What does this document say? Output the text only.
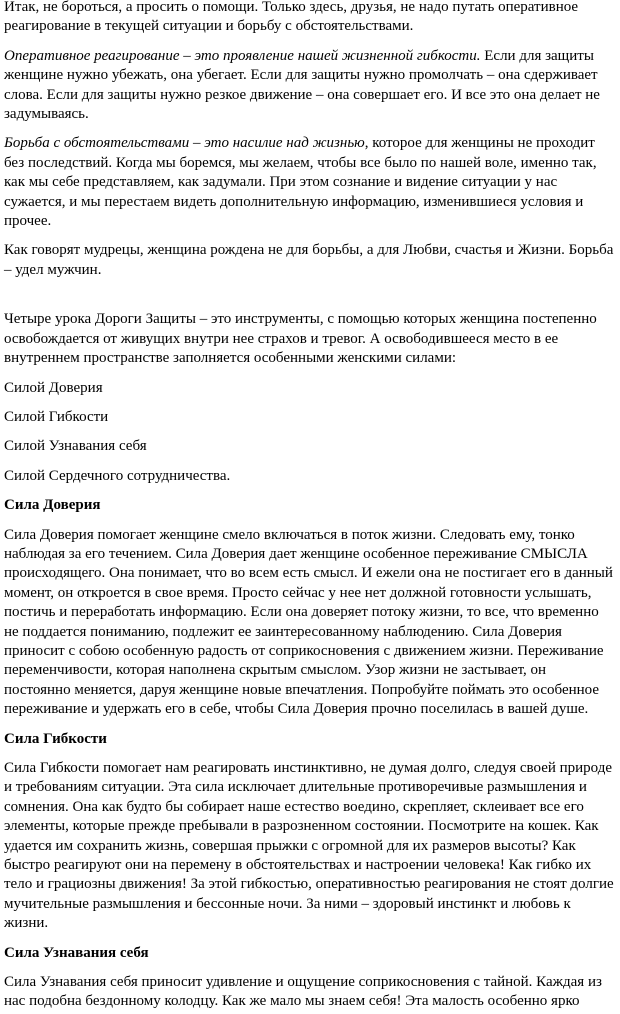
Итак, не бороться, а просить о помощи. Только здесь, друзья, не надо путать оперативное реагирование в текущей ситуации и борьбу с обстоятельствами.

Оперативное реагирование – это проявление нашей жизненной гибкости. Если для защиты женщине нужно убежать, она убегает. Если для защиты нужно промолчать – она сдерживает слова. Если для защиты нужно резкое движение – она совершает его. И все это она делает не задумываясь.

Борьба с обстоятельствами – это насилие над жизнью, которое для женщины не проходит без последствий. Когда мы боремся, мы желаем, чтобы все было по нашей воле, именно так, как мы себе представляем, как задумали. При этом сознание и видение ситуации у нас сужается, и мы перестаем видеть дополнительную информацию, изменившиеся условия и прочее.

Как говорят мудрецы, женщина рождена не для борьбы, а для Любви, счастья и Жизни. Борьба – удел мужчин.

Четыре урока Дороги Защиты – это инструменты, с помощью которых женщина постепенно освобождается от живущих внутри нее страхов и тревог. А освободившееся место в ее внутреннем пространстве заполняется особенными женскими силами:

Силой Доверия

Силой Гибкости

Силой Узнавания себя

Силой Сердечного сотрудничества.

Сила Доверия

Сила Доверия помогает женщине смело включаться в поток жизни. Следовать ему, тонко наблюдая за его течением. Сила Доверия дает женщине особенное переживание СМЫСЛА происходящего. Она понимает, что во всем есть смысл. И ежели она не постигает его в данный момент, он откроется в свое время. Просто сейчас у нее нет должной готовности услышать, постичь и переработать информацию. Если она доверяет потоку жизни, то все, что временно не поддается пониманию, подлежит ее заинтересованному наблюдению. Сила Доверия приносит с собою особенную радость от соприкосновения с движением жизни. Переживание переменчивости, которая наполнена скрытым смыслом. Узор жизни не застывает, он постоянно меняется, даруя женщине новые впечатления. Попробуйте поймать это особенное переживание и удержать его в себе, чтобы Сила Доверия прочно поселилась в вашей душе.

Сила Гибкости

Сила Гибкости помогает нам реагировать инстинктивно, не думая долго, следуя своей природе и требованиям ситуации. Эта сила исключает длительные противоречивые размышления и сомнения. Она как будто бы собирает наше естество воедино, скрепляет, склеивает все его элементы, которые прежде пребывали в разрозненном состоянии. Посмотрите на кошек. Как удается им сохранить жизнь, совершая прыжки с огромной для их размеров высоты? Как быстро реагируют они на перемену в обстоятельствах и настроении человека! Как гибко их тело и грациозны движения! За этой гибкостью, оперативностью реагирования не стоят долгие мучительные размышления и бессонные ночи. За ними – здоровый инстинкт и любовь к жизни.

Сила Узнавания себя

Сила Узнавания себя приносит удивление и ощущение соприкосновения с тайной. Каждая из нас подобна бездонному колодцу. Как же мало мы знаем себя! Эта малость особенно ярко
